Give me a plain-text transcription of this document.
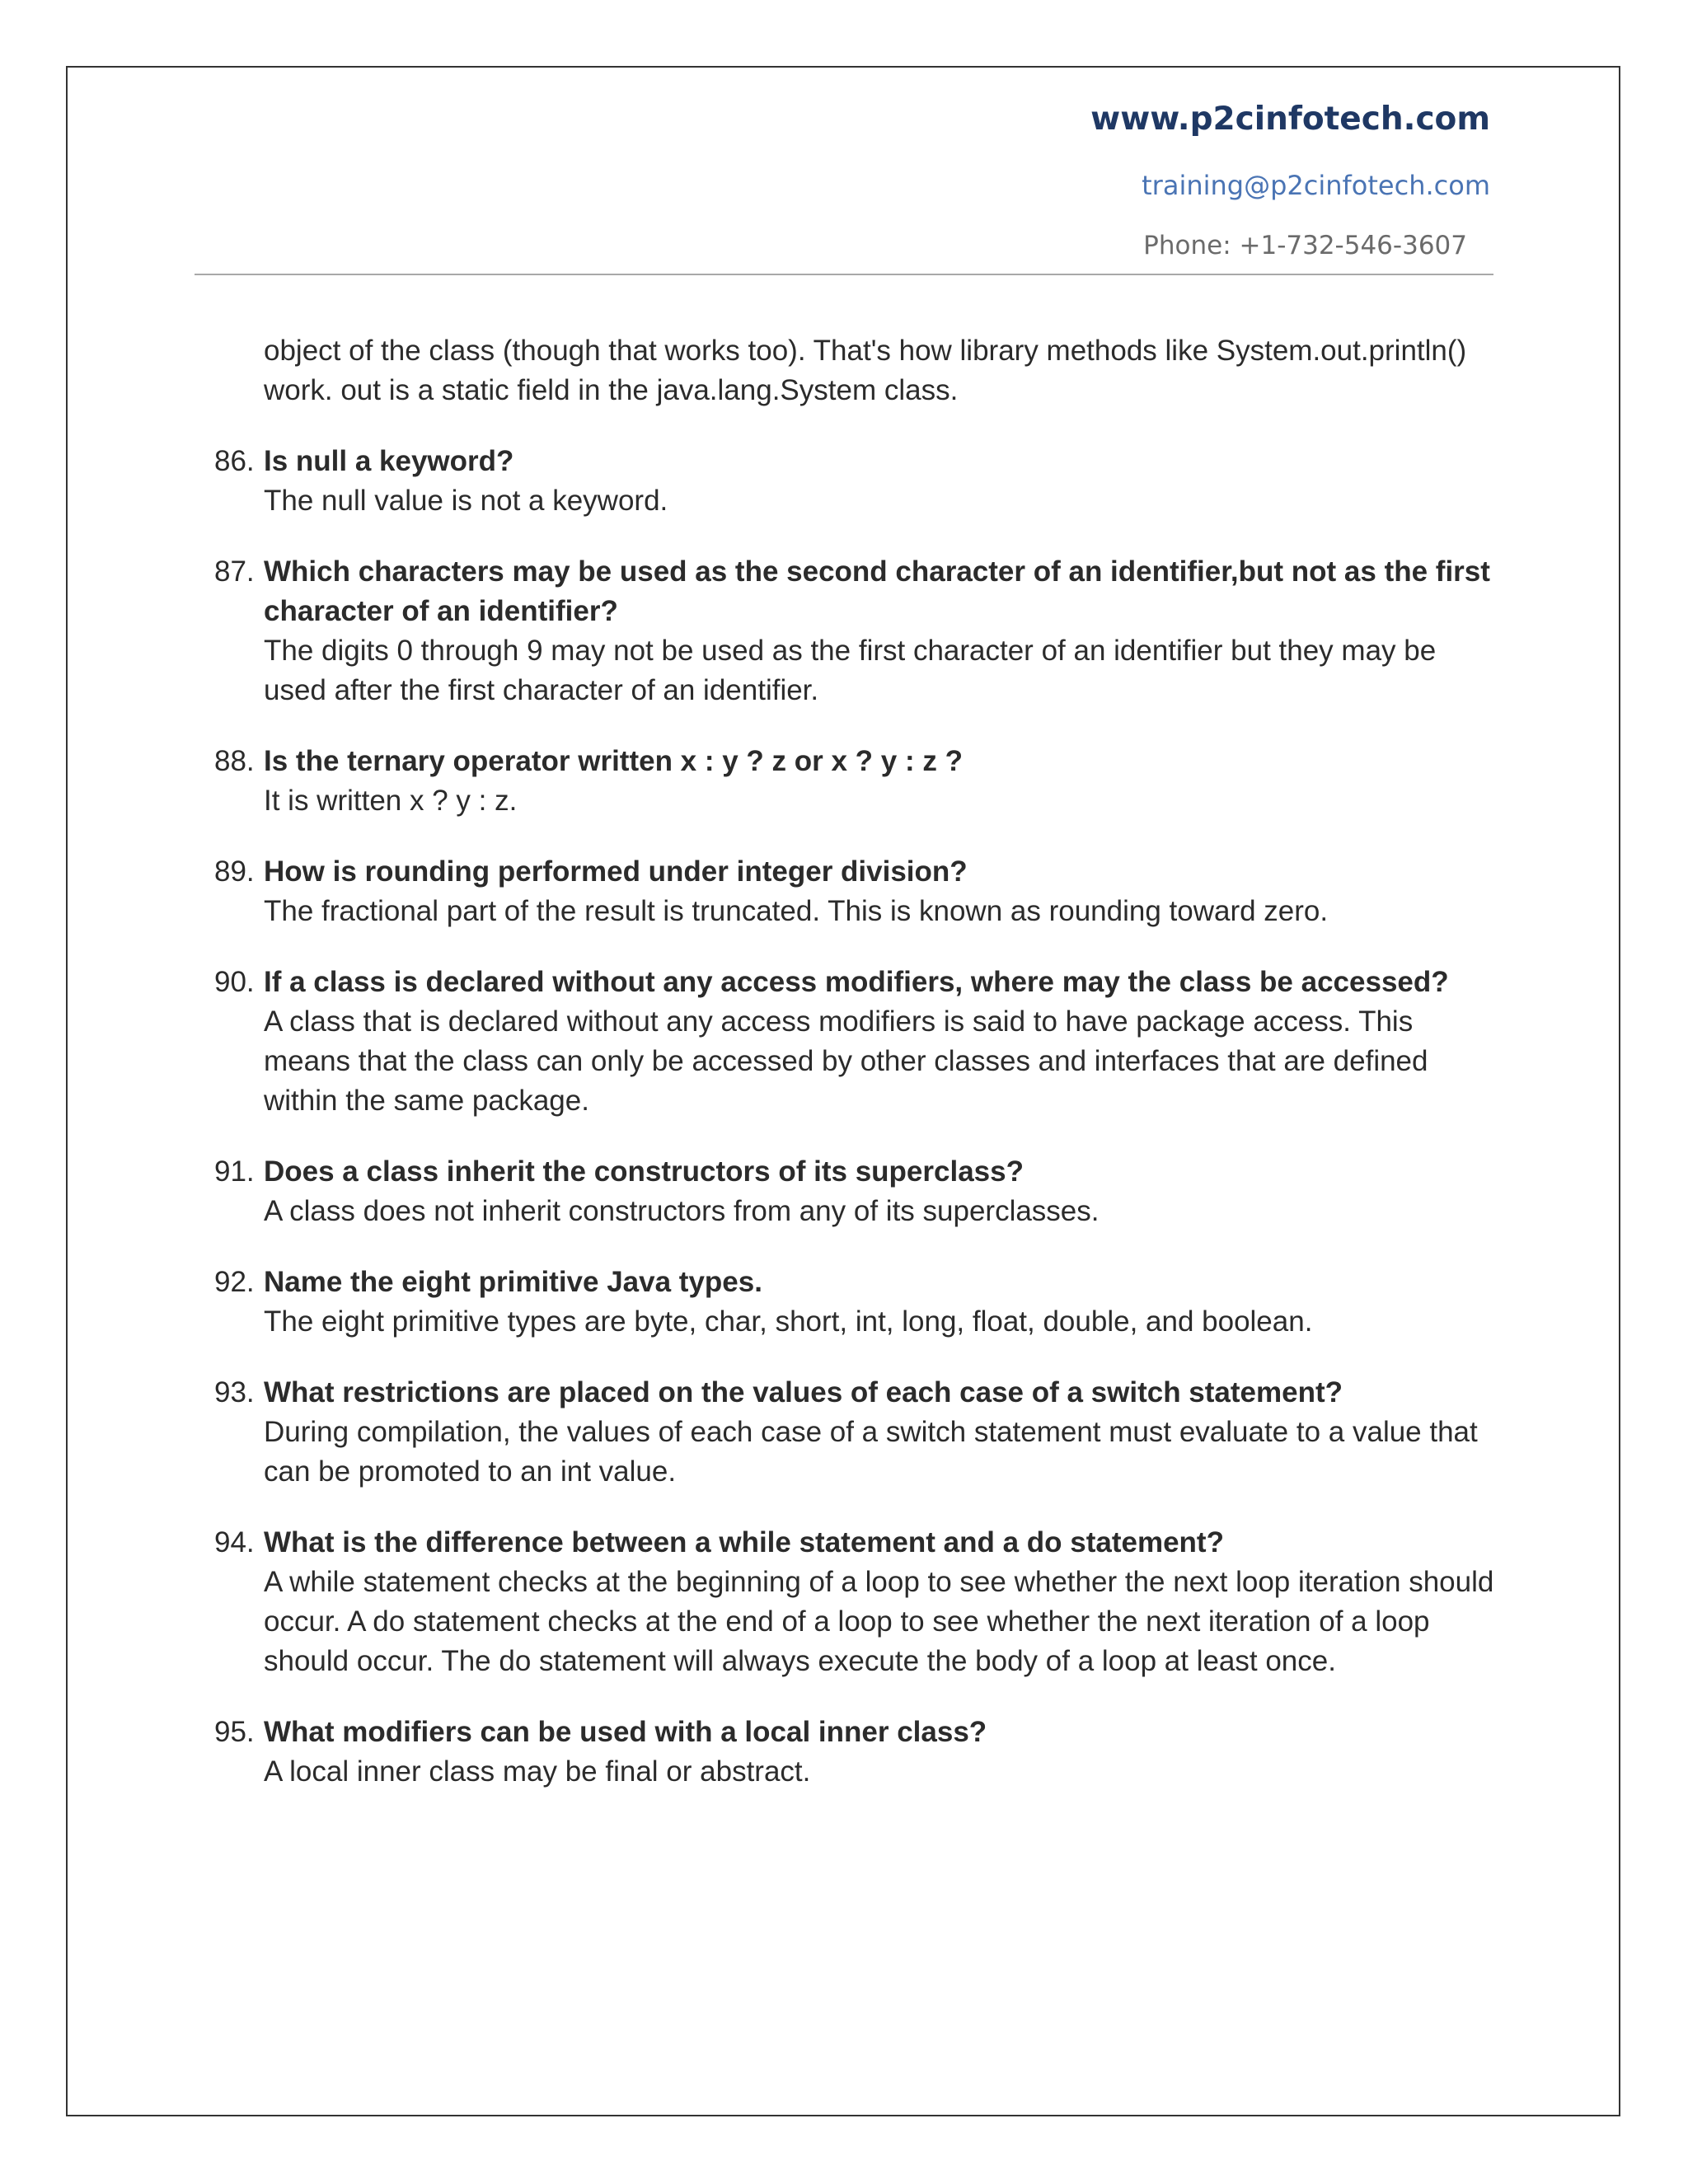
www.p2cinfotech.com
training@p2cinfotech.com
Phone: +1-732-546-3607

object of the class (though that works too). That's how library methods like System.out.println() work. out is a static field in the java.lang.System class.

86. Is null a keyword?
The null value is not a keyword.
87. Which characters may be used as the second character of an identifier,but not as the first character of an identifier?
The digits 0 through 9 may not be used as the first character of an identifier but they may be used after the first character of an identifier.
88. Is the ternary operator written x : y ? z or x ? y : z ?
It is written x ? y : z.
89. How is rounding performed under integer division?
The fractional part of the result is truncated. This is known as rounding toward zero.
90. If a class is declared without any access modifiers, where may the class be accessed?
A class that is declared without any access modifiers is said to have package access. This means that the class can only be accessed by other classes and interfaces that are defined within the same package.
91. Does a class inherit the constructors of its superclass?
A class does not inherit constructors from any of its superclasses.
92. Name the eight primitive Java types.
The eight primitive types are byte, char, short, int, long, float, double, and boolean.
93. What restrictions are placed on the values of each case of a switch statement?
During compilation, the values of each case of a switch statement must evaluate to a value that can be promoted to an int value.
94. What is the difference between a while statement and a do statement?
A while statement checks at the beginning of a loop to see whether the next loop iteration should occur. A do statement checks at the end of a loop to see whether the next iteration of a loop should occur. The do statement will always execute the body of a loop at least once.
95. What modifiers can be used with a local inner class?
A local inner class may be final or abstract.
